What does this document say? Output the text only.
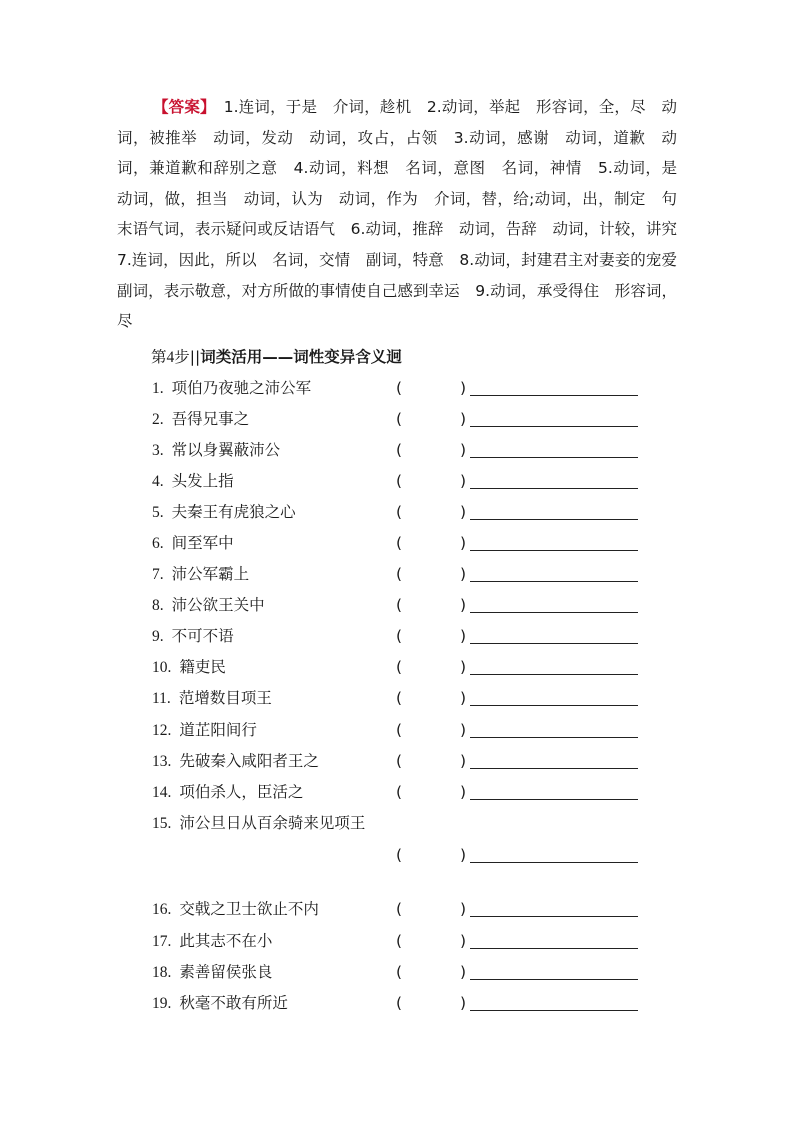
【答案】 1.连词，于是　介词，趁机　2.动词，举起　形容词，全，尽　动词，被推举　动词，发动　动词，攻占，占领　3.动词，感谢　动词，道歉　动词，兼道歉和辞别之意　4.动词，料想　名词，意图　名词，神情　5.动词，是　动词，做，担当　动词，认为　动词，作为　介词，替，给;动词，出，制定　句末语气词，表示疑问或反诘语气　6.动词，推辞　动词，告辞　动词，计较，讲究　7.连词，因此，所以　名词，交情　副词，特意　8.动词，封建君主对妻妾的宠爱　副词，表示敬意，对方所做的事情使自己感到幸运　9.动词，承受得住　形容词，尽
第4步||词类活用——词性变异含义迥
1. 项伯乃夜驰之沛公军	(	)
2. 吾得兄事之	(	)
3. 常以身翼蔽沛公	(	)
4. 头发上指	(	)
5. 夫秦王有虎狼之心	(	)
6. 间至军中	(	)
7. 沛公军霸上	(	)
8. 沛公欲王关中	(	)
9. 不可不语	(	)
10. 籍吏民	(	)
11. 范增数目项王	(	)
12. 道芷阳间行	(	)
13. 先破秦入咸阳者王之	(	)
14. 项伯杀人，臣活之	(	)
15. 沛公旦日从百余骑来见项王
(	)
16. 交戟之卫士欲止不内	(	)
17. 此其志不在小	(	)
18. 素善留侯张良	(	)
19. 秋毫不敢有所近	(	)
